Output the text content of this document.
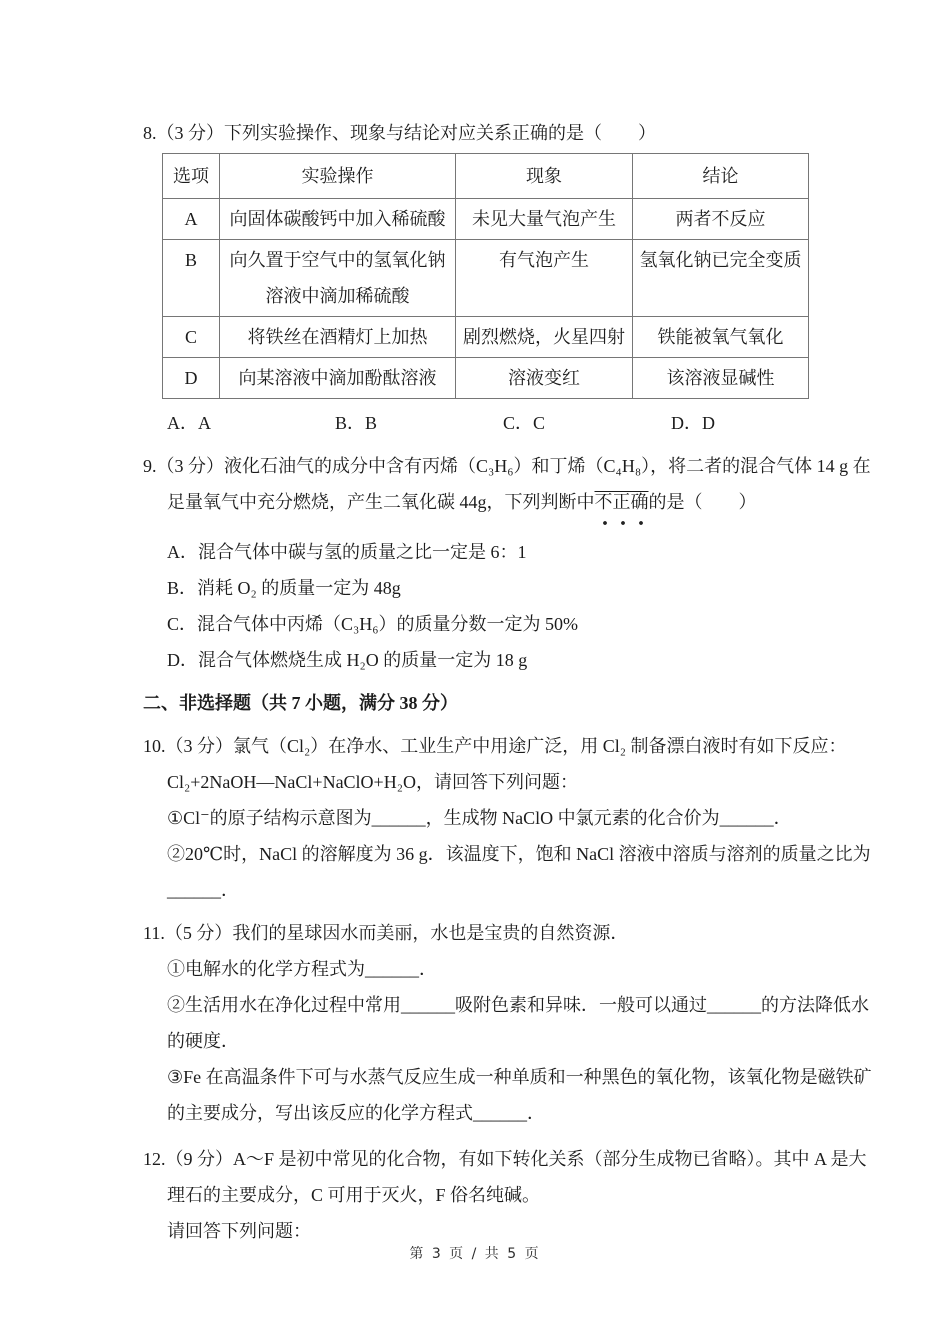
8.（3 分）下列实验操作、现象与结论对应关系正确的是（　　）

选项	实验操作	现象	结论
A	向固体碳酸钙中加入稀硫酸	未见大量气泡产生	两者不反应
B	向久置于空气中的氢氧化钠溶液中滴加稀硫酸	有气泡产生	氢氧化钠已完全变质
C	将铁丝在酒精灯上加热	剧烈燃烧，火星四射	铁能被氧气氧化
D	向某溶液中滴加酚酞溶液	溶液变红	该溶液显碱性
A．A	B．B	C．C	D．D

9.（3 分）液化石油气的成分中含有丙烯（C₃H₆）和丁烯（C₄H₈），将二者的混合气体 14 g 在足量氧气中充分燃烧，产生二氧化碳 44g，下列判断中不正确的是（　　）

A．混合气体中碳与氢的质量之比一定是 6：1

B．消耗 O₂ 的质量一定为 48g

C．混合气体中丙烯（C₃H₆）的质量分数一定为 50%

D．混合气体燃烧生成 H₂O 的质量一定为 18 g

二、非选择题（共 7 小题，满分 38 分）

10.（3 分）氯气（Cl₂）在净水、工业生产中用途广泛，用 Cl₂ 制备漂白液时有如下反应：

Cl₂+2NaOH—NaCl+NaClO+H₂O，请回答下列问题：

①Cl⁻的原子结构示意图为______，生成物 NaClO 中氯元素的化合价为______．

②20℃时，NaCl 的溶解度为 36 g．该温度下，饱和 NaCl 溶液中溶质与溶剂的质量之比为______．

11.（5 分）我们的星球因水而美丽，水也是宝贵的自然资源．

①电解水的化学方程式为______．

②生活用水在净化过程中常用______吸附色素和异味．一般可以通过______的方法降低水的硬度．

③Fe 在高温条件下可与水蒸气反应生成一种单质和一种黑色的氧化物，该氧化物是磁铁矿的主要成分，写出该反应的化学方程式______．

12.（9 分）A～F 是初中常见的化合物，有如下转化关系（部分生成物已省略）。其中 A 是大理石的主要成分，C 可用于灭火，F 俗名纯碱。

请回答下列问题：

第 3 页 / 共 5 页
